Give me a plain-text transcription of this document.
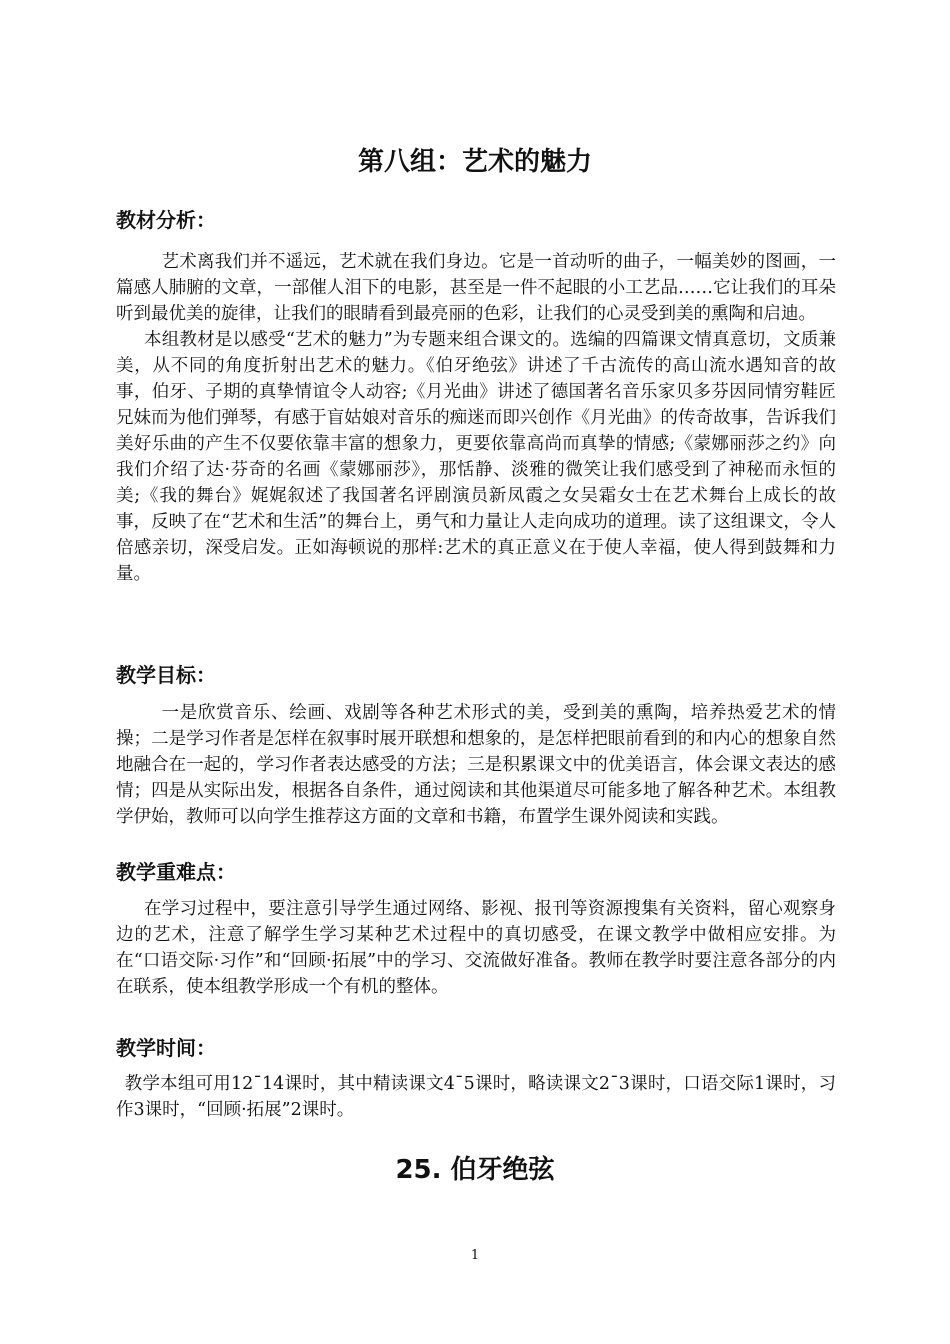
第八组：艺术的魅力
教材分析：

艺术离我们并不遥远，艺术就在我们身边。它是一首动听的曲子，一幅美妙的图画，一篇感人肺腑的文章，一部催人泪下的电影，甚至是一件不起眼的小工艺品……它让我们的耳朵听到最优美的旋律，让我们的眼睛看到最亮丽的色彩，让我们的心灵受到美的熏陶和启迪。

本组教材是以感受“艺术的魅力”为专题来组合课文的。选编的四篇课文情真意切，文质兼美，从不同的角度折射出艺术的魅力。《伯牙绝弦》讲述了千古流传的高山流水遇知音的故事，伯牙、子期的真挚情谊令人动容;《月光曲》讲述了德国著名音乐家贝多芬因同情穷鞋匠兄妹而为他们弹琴，有感于盲姑娘对音乐的痴迷而即兴创作《月光曲》的传奇故事，告诉我们美好乐曲的产生不仅要依靠丰富的想象力，更要依靠高尚而真挚的情感;《蒙娜丽莎之约》向我们介绍了达·芬奇的名画《蒙娜丽莎》，那恬静、淡雅的微笑让我们感受到了神秘而永恒的美;《我的舞台》娓娓叙述了我国著名评剧演员新凤霞之女吴霜女士在艺术舞台上成长的故事，反映了在“艺术和生活”的舞台上，勇气和力量让人走向成功的道理。读了这组课文，令人倍感亲切，深受启发。正如海顿说的那样:艺术的真正意义在于使人幸福，使人得到鼓舞和力量。

教学目标：

一是欣赏音乐、绘画、戏剧等各种艺术形式的美，受到美的熏陶，培养热爱艺术的情操；二是学习作者是怎样在叙事时展开联想和想象的，是怎样把眼前看到的和内心的想象自然地融合在一起的，学习作者表达感受的方法；三是积累课文中的优美语言，体会课文表达的感情；四是从实际出发，根据各自条件，通过阅读和其他渠道尽可能多地了解各种艺术。本组教学伊始，教师可以向学生推荐这方面的文章和书籍，布置学生课外阅读和实践。

教学重难点：

在学习过程中，要注意引导学生通过网络、影视、报刊等资源搜集有关资料，留心观察身边的艺术，注意了解学生学习某种艺术过程中的真切感受，在课文教学中做相应安排。为在“口语交际·习作”和“回顾·拓展”中的学习、交流做好准备。教师在教学时要注意各部分的内在联系，使本组教学形成一个有机的整体。

教学时间：

教学本组可用12¯14课时，其中精读课文4¯5课时，略读课文2¯3课时，口语交际1课时，习作3课时，“回顾·拓展”2课时。

25. 伯牙绝弦
1
